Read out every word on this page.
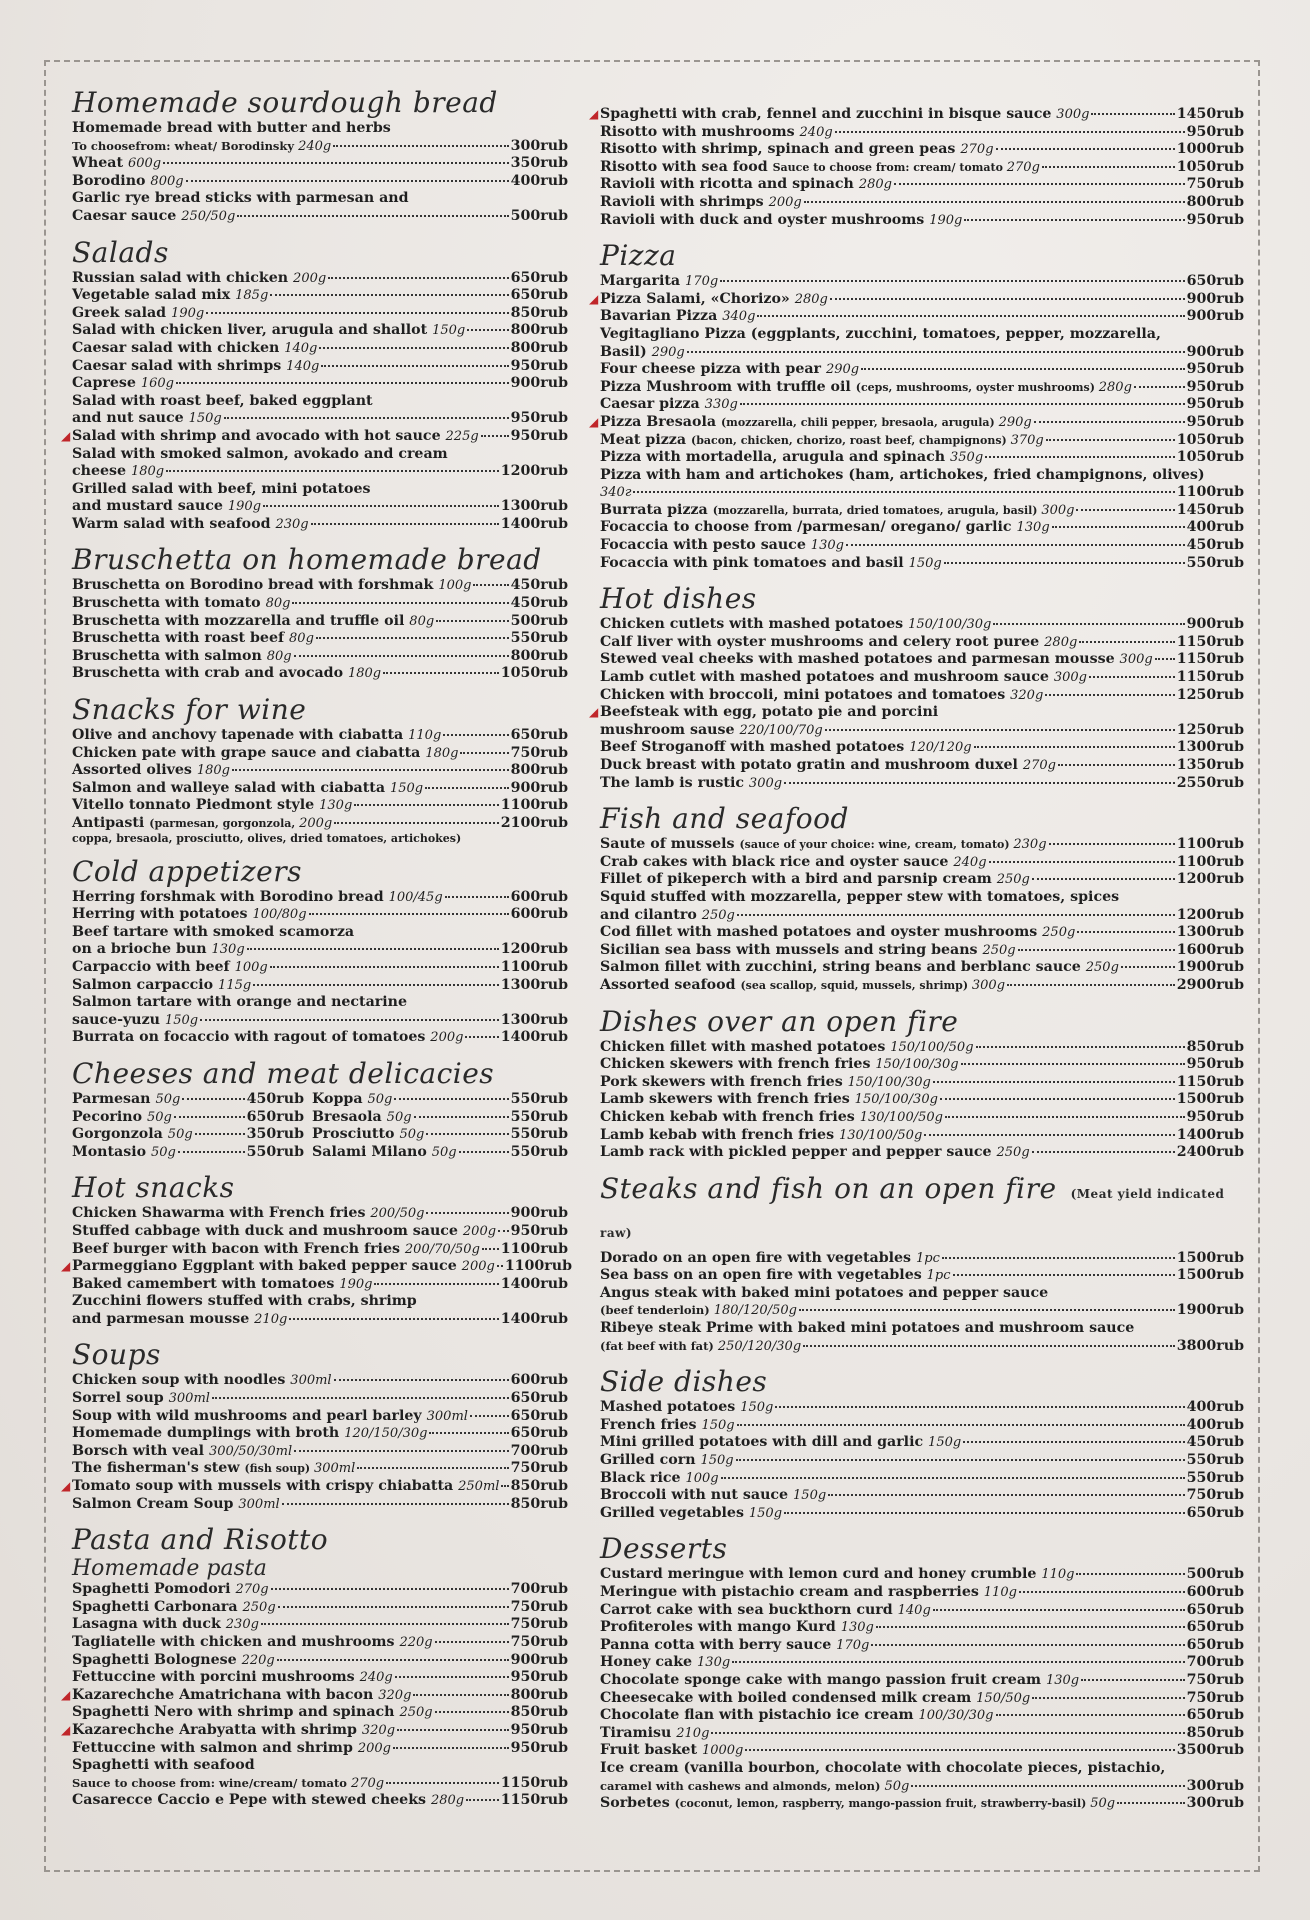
Homemade sourdough bread
Homemade bread with butter and herbs
To choosefrom: wheat/ Borodinsky 240g	300rub
Wheat 600g	350rub
Borodino 800g	400rub
Garlic rye bread sticks with parmesan and
Caesar sauce 250/50g	500rub
Salads
Russian salad with chicken 200g	650rub
Vegetable salad mix 185g	650rub
Greek salad 190g	850rub
Salad with chicken liver, arugula and shallot 150g	800rub
Caesar salad with chicken 140g	800rub
Caesar salad with shrimps 140g	950rub
Caprese 160g	900rub
Salad with roast beef, baked eggplant
and nut sauce 150g	950rub
◢ Salad with shrimp and avocado with hot sauce 225g 950rub
Salad with smoked salmon, avokado and cream
cheese 180g	1200rub
Grilled salad with beef, mini potatoes
and mustard sauce 190g	1300rub
Warm salad with seafood 230g	1400rub
Bruschetta on homemade bread
Bruschetta on Borodino bread with forshmak 100g	450rub
Bruschetta with tomato 80g	450rub
Bruschetta with mozzarella and truffle oil 80g	500rub
Bruschetta with roast beef 80g	550rub
Bruschetta with salmon 80g	800rub
Bruschetta with crab and avocado 180g	1050rub
Snacks for wine
Olive and anchovy tapenade with ciabatta 110g	650rub
Chicken pate with grape sauce and ciabatta 180g	750rub
Assorted olives 180g	800rub
Salmon and walleye salad with ciabatta 150g	900rub
Vitello tonnato Piedmont style 130g	1100rub
Antipasti (parmesan, gorgonzola, 200g	2100rub
coppa, bresaola, prosciutto, olives, dried tomatoes, artichokes)
Cold appetizers
Herring forshmak with Borodino bread 100/45g	600rub
Herring with potatoes 100/80g	600rub
Beef tartare with smoked scamorza
on a brioche bun 130g	1200rub
Carpaccio with beef 100g	1100rub
Salmon carpaccio 115g	1300rub
Salmon tartare with orange and nectarine
sauce-yuzu 150g	1300rub
Burrata on focaccio with ragout of tomatoes 200g	1400rub
Cheeses and meat delicacies
Parmesan 50g	450rub Koppa 50g	550rub
Pecorino 50g	650rub Bresaola 50g	550rub
Gorgonzola 50g	350rub Prosciutto 50g	550rub
Montasio 50g	550rub Salami Milano 50g	550rub
Hot snacks
Chicken Shawarma with French fries 200/50g	900rub
Stuffed cabbage with duck and mushroom sauce 200g 950rub
Beef burger with bacon with French fries 200/70/50g 1100rub
◢ Parmeggiano Eggplant with baked pepper sauce 200g 1100rub
Baked camembert with tomatoes 190g	1400rub
Zucchini flowers stuffed with crabs, shrimp
and parmesan mousse 210g	1400rub
Soups
Chicken soup with noodles 300ml	600rub
Sorrel soup 300ml	650rub
Soup with wild mushrooms and pearl barley 300ml	650rub
Homemade dumplings with broth 120/150/30g	650rub
Borsch with veal 300/50/30ml	700rub
The fisherman's stew (fish soup) 300ml	750rub
◢ Tomato soup with mussels with crispy chiabatta 250ml 850rub
Salmon Cream Soup 300ml	850rub
Pasta and Risotto
Homemade pasta
Spaghetti Pomodori 270g	700rub
Spaghetti Carbonara 250g	750rub
Lasagna with duck 230g	750rub
Tagliatelle with chicken and mushrooms 220g	750rub
Spaghetti Bolognese 220g	900rub
Fettuccine with porcini mushrooms 240g	950rub
◢ Kazarechche Amatrichana with bacon 320g	800rub
Spaghetti Nero with shrimp and spinach 250g	850rub
◢ Kazarechche Arabyatta with shrimp 320g	950rub
Fettuccine with salmon and shrimp 200g	950rub
Spaghetti with seafood
Sauce to choose from: wine/cream/ tomato 270g	1150rub
Casarecce Caccio e Pepe with stewed cheeks 280g	1150rub
◢ Spaghetti with crab, fennel and zucchini in bisque sauce 300g	1450rub
Risotto with mushrooms 240g	950rub
Risotto with shrimp, spinach and green peas 270g	1000rub
Risotto with sea food Sauce to choose from: cream/ tomato 270g	1050rub
Ravioli with ricotta and spinach 280g	750rub
Ravioli with shrimps 200g	800rub
Ravioli with duck and oyster mushrooms 190g	950rub
Pizza
Margarita 170g	650rub
◢ Pizza Salami, «Chorizo» 280g	900rub
Bavarian Pizza 340g	900rub
Vegitagliano Pizza (eggplants, zucchini, tomatoes, pepper, mozzarella,
Basil) 290g	900rub
Four cheese pizza with pear 290g	950rub
Pizza Mushroom with truffle oil (ceps, mushrooms, oyster mushrooms) 280g	950rub
Caesar pizza 330g	950rub
◢ Pizza Bresaola (mozzarella, chili pepper, bresaola, arugula) 290g	950rub
Meat pizza (bacon, chicken, chorizo, roast beef, champignons) 370g	1050rub
Pizza with mortadella, arugula and spinach 350g	1050rub
Pizza with ham and artichokes (ham, artichokes, fried champignons, olives)
340г	1100rub
Burrata pizza (mozzarella, burrata, dried tomatoes, arugula, basil) 300g	1450rub
Focaccia to choose from /parmesan/ oregano/ garlic 130g	400rub
Focaccia with pesto sauce 130g	450rub
Focaccia with pink tomatoes and basil 150g	550rub
Hot dishes
Chicken cutlets with mashed potatoes 150/100/30g	900rub
Calf liver with oyster mushrooms and celery root puree 280g	1150rub
Stewed veal cheeks with mashed potatoes and parmesan mousse 300g 1150rub
Lamb cutlet with mashed potatoes and mushroom sauce 300g	1150rub
Chicken with broccoli, mini potatoes and tomatoes 320g	1250rub
◢ Beefsteak with egg, potato pie and porcini
mushroom sause 220/100/70g	1250rub
Beef Stroganoff with mashed potatoes 120/120g	1300rub
Duck breast with potato gratin and mushroom duxel 270g	1350rub
The lamb is rustic 300g	2550rub
Fish and seafood
Saute of mussels (sauce of your choice: wine, cream, tomato) 230g	1100rub
Crab cakes with black rice and oyster sauce 240g	1100rub
Fillet of pikeperch with a bird and parsnip cream 250g	1200rub
Squid stuffed with mozzarella, pepper stew with tomatoes, spices
and cilantro 250g	1200rub
Cod fillet with mashed potatoes and oyster mushrooms 250g	1300rub
Sicilian sea bass with mussels and string beans 250g	1600rub
Salmon fillet with zucchini, string beans and berblanc sauce 250g	1900rub
Assorted seafood (sea scallop, squid, mussels, shrimp) 300g	2900rub
Dishes over an open fire
Chicken fillet with mashed potatoes 150/100/50g	850rub
Chicken skewers with french fries 150/100/30g	950rub
Pork skewers with french fries 150/100/30g	1150rub
Lamb skewers with french fries 150/100/30g	1500rub
Chicken kebab with french fries 130/100/50g	950rub
Lamb kebab with french fries 130/100/50g	1400rub
Lamb rack with pickled pepper and pepper sauce 250g	2400rub
Steaks and fish on an open fire (Meat yield indicated raw)
Dorado on an open fire with vegetables 1pc	1500rub
Sea bass on an open fire with vegetables 1pc	1500rub
Angus steak with baked mini potatoes and pepper sauce
(beef tenderloin) 180/120/50g	1900rub
Ribeye steak Prime with baked mini potatoes and mushroom sauce
(fat beef with fat) 250/120/30g	3800rub
Side dishes
Mashed potatoes 150g	400rub
French fries 150g	400rub
Mini grilled potatoes with dill and garlic 150g	450rub
Grilled corn 150g	550rub
Black rice 100g	550rub
Broccoli with nut sauce 150g	750rub
Grilled vegetables 150g	650rub
Desserts
Custard meringue with lemon curd and honey crumble 110g	500rub
Meringue with pistachio cream and raspberries 110g	600rub
Carrot cake with sea buckthorn curd 140g	650rub
Profiteroles with mango Kurd 130g	650rub
Panna cotta with berry sauce 170g	650rub
Honey cake 130g	700rub
Chocolate sponge cake with mango passion fruit cream 130g	750rub
Cheesecake with boiled condensed milk cream 150/50g	750rub
Chocolate flan with pistachio ice cream 100/30/30g	650rub
Tiramisu 210g	850rub
Fruit basket 1000g	3500rub
Ice cream (vanilla bourbon, chocolate with chocolate pieces, pistachio,
caramel with cashews and almonds, melon) 50g	300rub
Sorbetes (coconut, lemon, raspberry, mango-passion fruit, strawberry-basil) 50g	300rub
